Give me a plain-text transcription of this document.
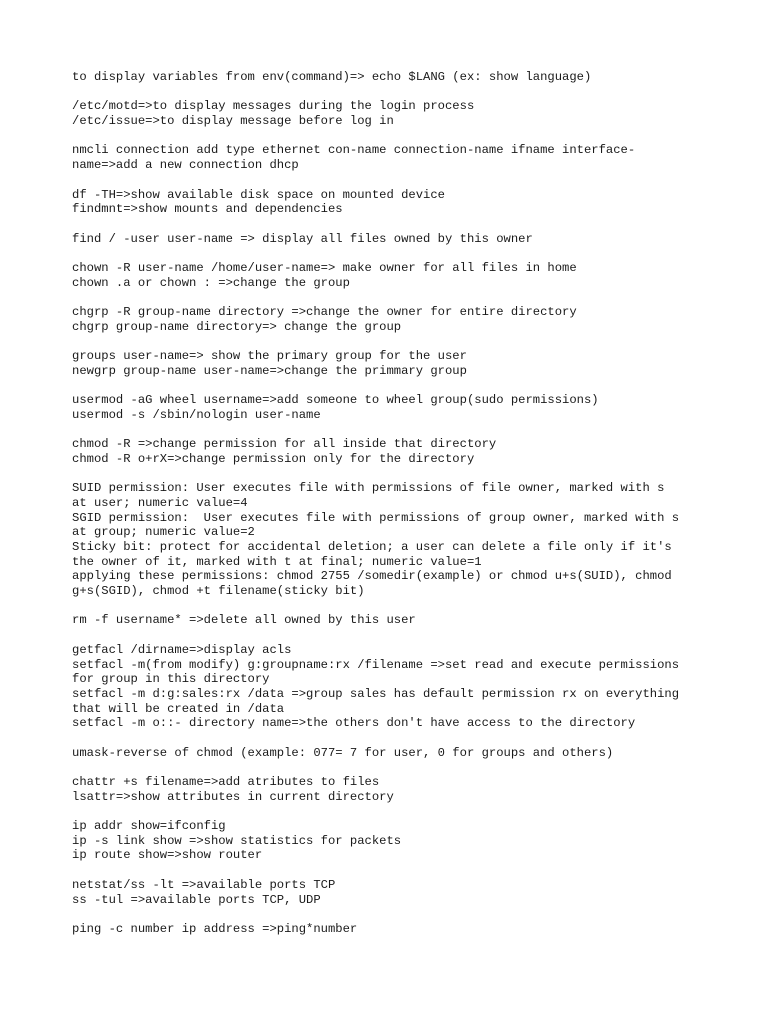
to display variables from env(command)=> echo $LANG (ex: show language)
/etc/motd=>to display messages during the login process
/etc/issue=>to display message before log in
nmcli connection add type ethernet con-name connection-name ifname interface-
name=>add a new connection dhcp
df -TH=>show available disk space on mounted device
findmnt=>show mounts and dependencies
find / -user user-name => display all files owned by this owner
chown -R user-name /home/user-name=> make owner for all files in home
chown .a or chown : =>change the group
chgrp -R group-name directory =>change the owner for entire directory
chgrp group-name directory=> change the group
groups user-name=> show the primary group for the user
newgrp group-name user-name=>change the primmary group
usermod -aG wheel username=>add someone to wheel group(sudo permissions)
usermod -s /sbin/nologin user-name
chmod -R =>change permission for all inside that directory
chmod -R o+rX=>change permission only for the directory
SUID permission: User executes file with permissions of file owner, marked with s
at user; numeric value=4
SGID permission:  User executes file with permissions of group owner, marked with s
at group; numeric value=2
Sticky bit: protect for accidental deletion; a user can delete a file only if it's
the owner of it, marked with t at final; numeric value=1
applying these permissions: chmod 2755 /somedir(example) or chmod u+s(SUID), chmod
g+s(SGID), chmod +t filename(sticky bit)
rm -f username* =>delete all owned by this user
getfacl /dirname=>display acls
setfacl -m(from modify) g:groupname:rx /filename =>set read and execute permissions
for group in this directory
setfacl -m d:g:sales:rx /data =>group sales has default permission rx on everything
that will be created in /data
setfacl -m o::- directory name=>the others don't have access to the directory
umask-reverse of chmod (example: 077= 7 for user, 0 for groups and others)
chattr +s filename=>add atributes to files
lsattr=>show attributes in current directory
ip addr show=ifconfig
ip -s link show =>show statistics for packets
ip route show=>show router
netstat/ss -lt =>available ports TCP
ss -tul =>available ports TCP, UDP
ping -c number ip address =>ping*number
